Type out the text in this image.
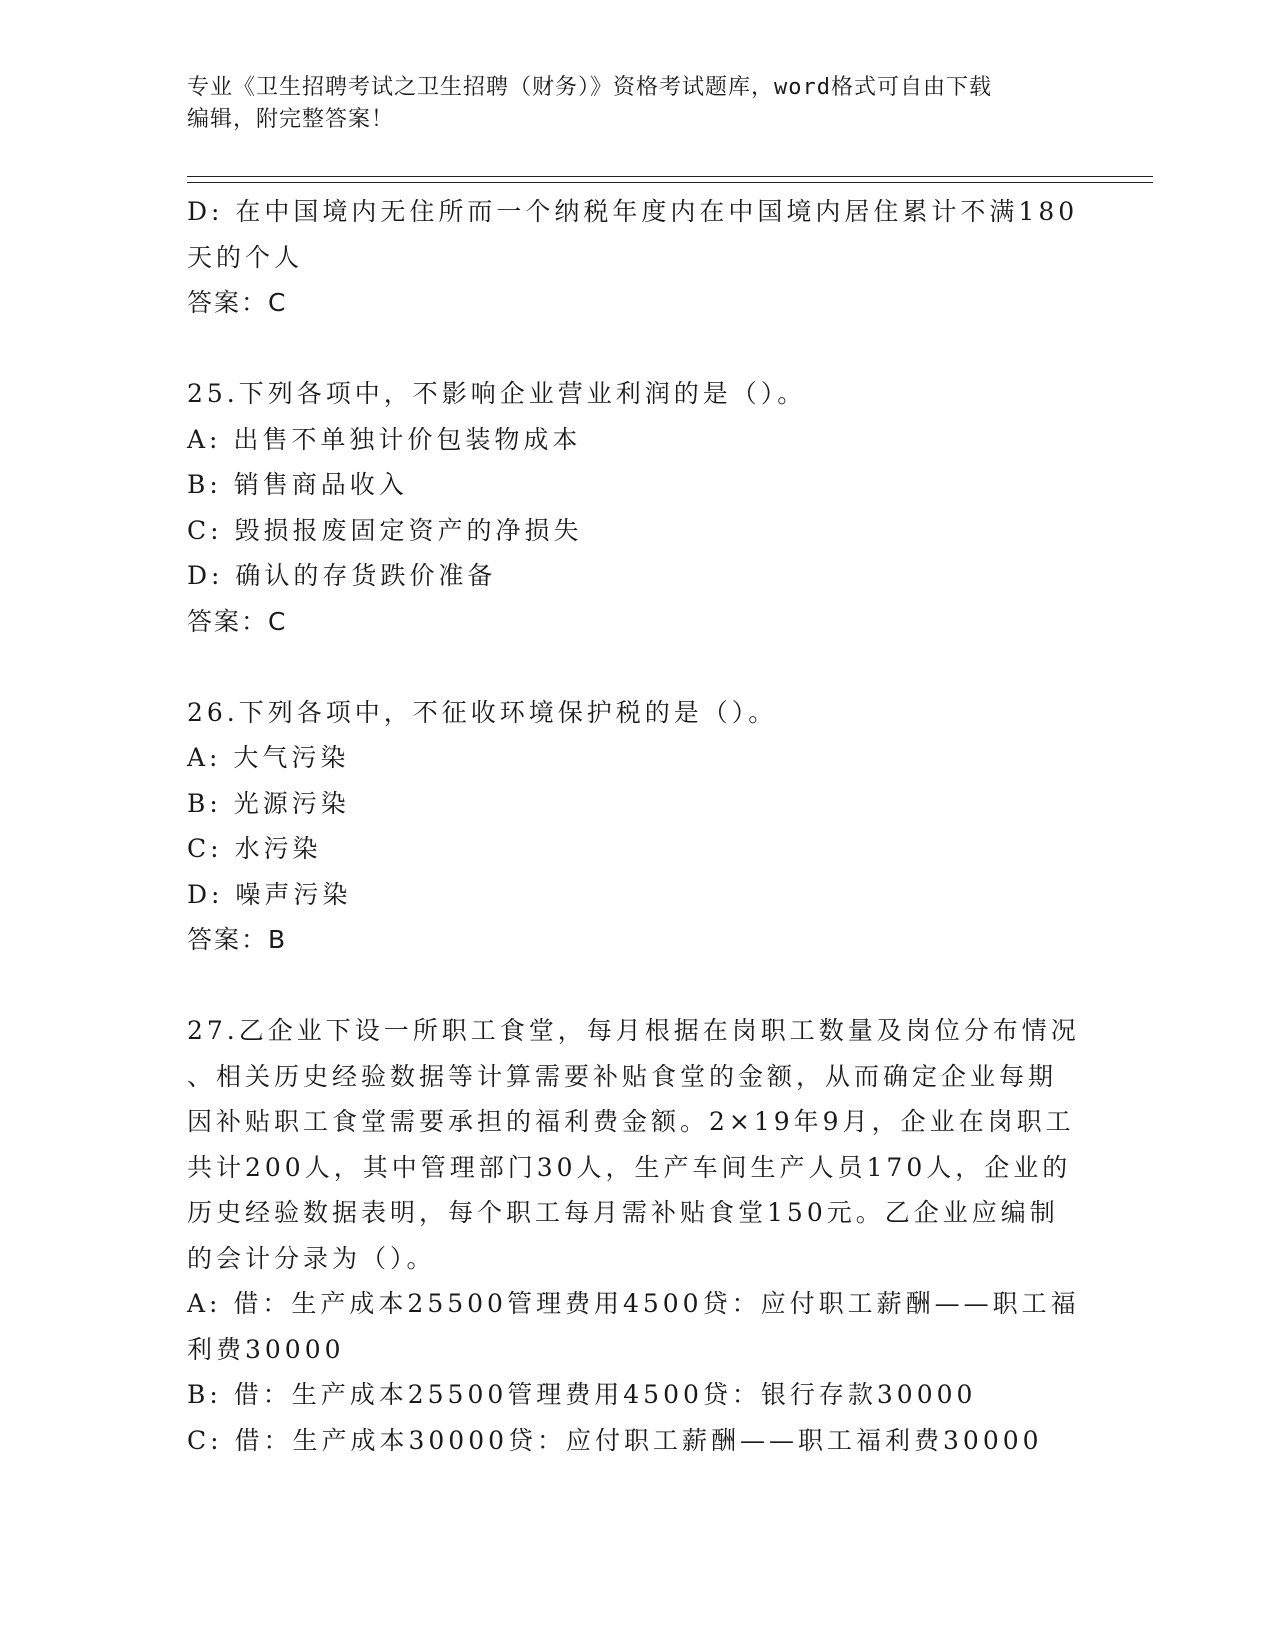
专业《卫生招聘考试之卫生招聘（财务）》资格考试题库，word格式可自由下载
编辑，附完整答案！
D: 在中国境内无住所而一个纳税年度内在中国境内居住累计不满180
天的个人
答案：C
25.下列各项中，不影响企业营业利润的是（）。
A: 出售不单独计价包装物成本
B: 销售商品收入
C: 毁损报废固定资产的净损失
D: 确认的存货跌价准备
答案：C
26.下列各项中，不征收环境保护税的是（）。
A: 大气污染
B: 光源污染
C: 水污染
D: 噪声污染
答案：B
27.乙企业下设一所职工食堂，每月根据在岗职工数量及岗位分布情况
、相关历史经验数据等计算需要补贴食堂的金额，从而确定企业每期
因补贴职工食堂需要承担的福利费金额。2×19年9月，企业在岗职工
共计200人，其中管理部门30人，生产车间生产人员170人，企业的
历史经验数据表明，每个职工每月需补贴食堂150元。乙企业应编制
的会计分录为（）。
A: 借：生产成本25500管理费用4500贷：应付职工薪酬——职工福
利费30000
B: 借：生产成本25500管理费用4500贷：银行存款30000
C: 借：生产成本30000贷：应付职工薪酬——职工福利费30000
